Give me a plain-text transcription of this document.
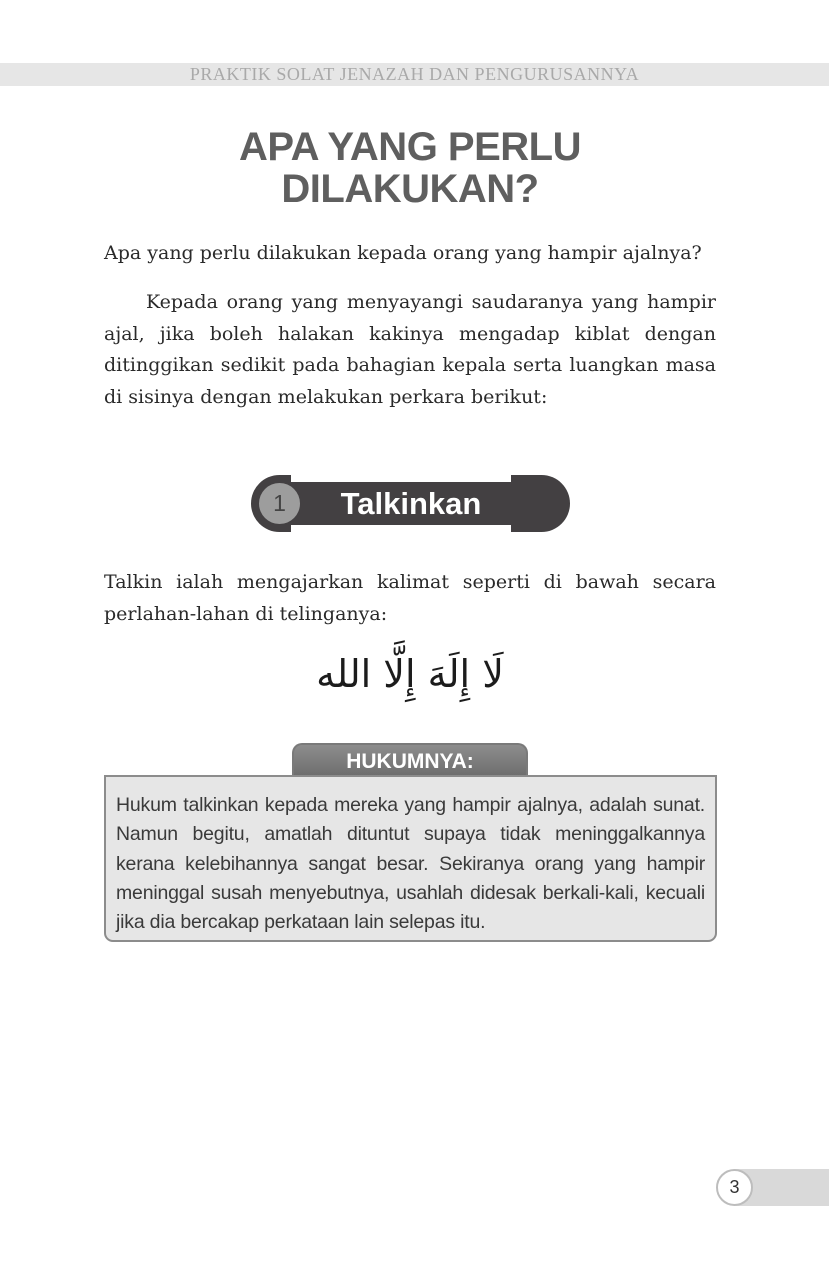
PRAKTIK SOLAT JENAZAH DAN PENGURUSANNYA
APA YANG PERLU
DILAKUKAN?

Apa yang perlu dilakukan kepada orang yang hampir ajalnya?

Kepada orang yang menyayangi saudaranya yang hampir ajal, jika boleh halakan kakinya mengadap kiblat dengan ditinggikan sedikit pada bahagian kepala serta luangkan masa di sisinya dengan melakukan perkara berikut:

1	Talkinkan

Talkin ialah mengajarkan kalimat seperti di bawah secara perlahan-lahan di telinganya:

لَا إِلَهَ إِلَّا الله
HUKUMNYA:

Hukum talkinkan kepada mereka yang hampir ajalnya, adalah sunat. Namun begitu, amatlah dituntut supaya tidak meninggalkannya kerana kelebihannya sangat besar. Sekiranya orang yang hampir meninggal susah menyebutnya, usahlah didesak berkali-kali, kecuali jika dia bercakap perkataan lain selepas itu.

3
